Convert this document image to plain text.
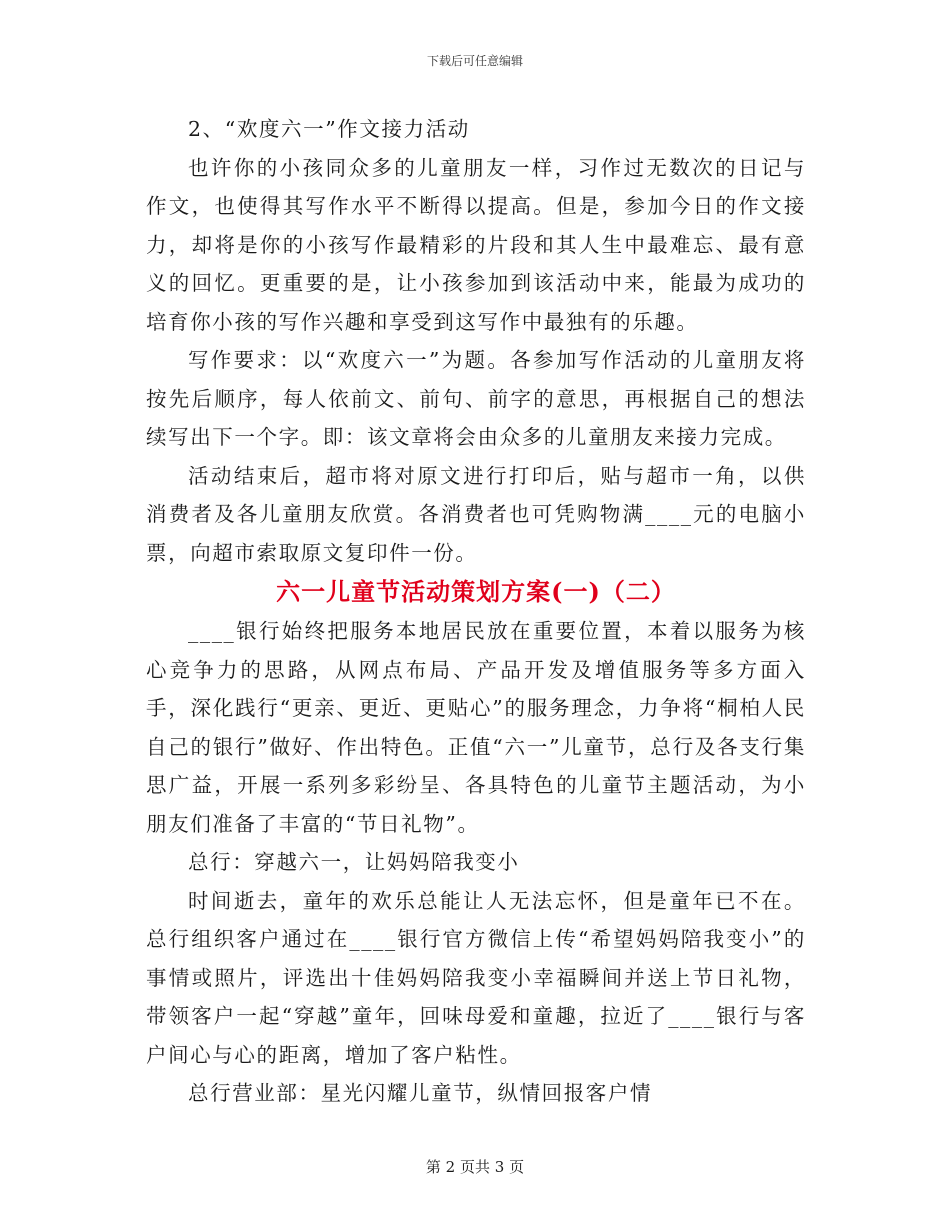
下载后可任意编辑

2、“欢度六一”作文接力活动

也许你的小孩同众多的儿童朋友一样，习作过无数次的日记与作文，也使得其写作水平不断得以提高。但是，参加今日的作文接力，却将是你的小孩写作最精彩的片段和其人生中最难忘、最有意义的回忆。更重要的是，让小孩参加到该活动中来，能最为成功的培育你小孩的写作兴趣和享受到这写作中最独有的乐趣。

写作要求：以“欢度六一”为题。各参加写作活动的儿童朋友将按先后顺序，每人依前文、前句、前字的意思，再根据自己的想法续写出下一个字。即：该文章将会由众多的儿童朋友来接力完成。

活动结束后，超市将对原文进行打印后，贴与超市一角，以供消费者及各儿童朋友欣赏。各消费者也可凭购物满____元的电脑小票，向超市索取原文复印件一份。

六一儿童节活动策划方案(一)（二）

____银行始终把服务本地居民放在重要位置，本着以服务为核心竞争力的思路，从网点布局、产品开发及增值服务等多方面入手，深化践行“更亲、更近、更贴心”的服务理念，力争将“桐柏人民自己的银行”做好、作出特色。正值“六一”儿童节，总行及各支行集思广益，开展一系列多彩纷呈、各具特色的儿童节主题活动，为小朋友们准备了丰富的“节日礼物”。

总行：穿越六一，让妈妈陪我变小

时间逝去，童年的欢乐总能让人无法忘怀，但是童年已不在。总行组织客户通过在____银行官方微信上传“希望妈妈陪我变小”的事情或照片，评选出十佳妈妈陪我变小幸福瞬间并送上节日礼物，带领客户一起“穿越”童年，回味母爱和童趣，拉近了____银行与客户间心与心的距离，增加了客户粘性。

总行营业部：星光闪耀儿童节，纵情回报客户情

第 2 页共 3 页
